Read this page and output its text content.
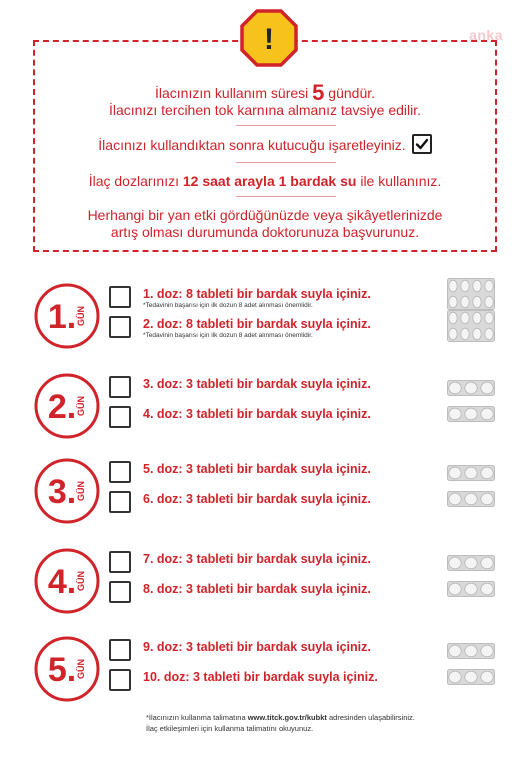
anka
İlacınızın kullanım süresi 5 gündür.
İlacınızı tercihen tok karnına almanız tavsiye edilir.
İlacınızı kullandıktan sonra kutucuğu işaretleyiniz.
İlaç dozlarınızı 12 saat arayla 1 bardak su ile kullanınız.
Herhangi bir yan etki gördüğünüzde veya şikâyetlerinizde
artış olması durumunda doktorunuza başvurunuz.
!
1. GÜN
1. doz: 8 tableti bir bardak suyla içiniz.
*Tedavinin başarısı için ilk dozun 8 adet alınması önemlidir.
2. doz: 8 tableti bir bardak suyla içiniz.
*Tedavinin başarısı için ilk dozun 8 adet alınması önemlidir.
2. GÜN
3. doz: 3 tableti bir bardak suyla içiniz.
4. doz: 3 tableti bir bardak suyla içiniz.
3. GÜN
5. doz: 3 tableti bir bardak suyla içiniz.
6. doz: 3 tableti bir bardak suyla içiniz.
4. GÜN
7. doz: 3 tableti bir bardak suyla içiniz.
8. doz: 3 tableti bir bardak suyla içiniz.
5. GÜN
9. doz: 3 tableti bir bardak suyla içiniz.
10. doz: 3 tableti bir bardak suyla içiniz.
*İlacınızın kullanma talimatına www.titck.gov.tr/kubkt adresinden ulaşabilirsiniz.
İlaç etkileşimleri için kullanma talimatını okuyunuz.
